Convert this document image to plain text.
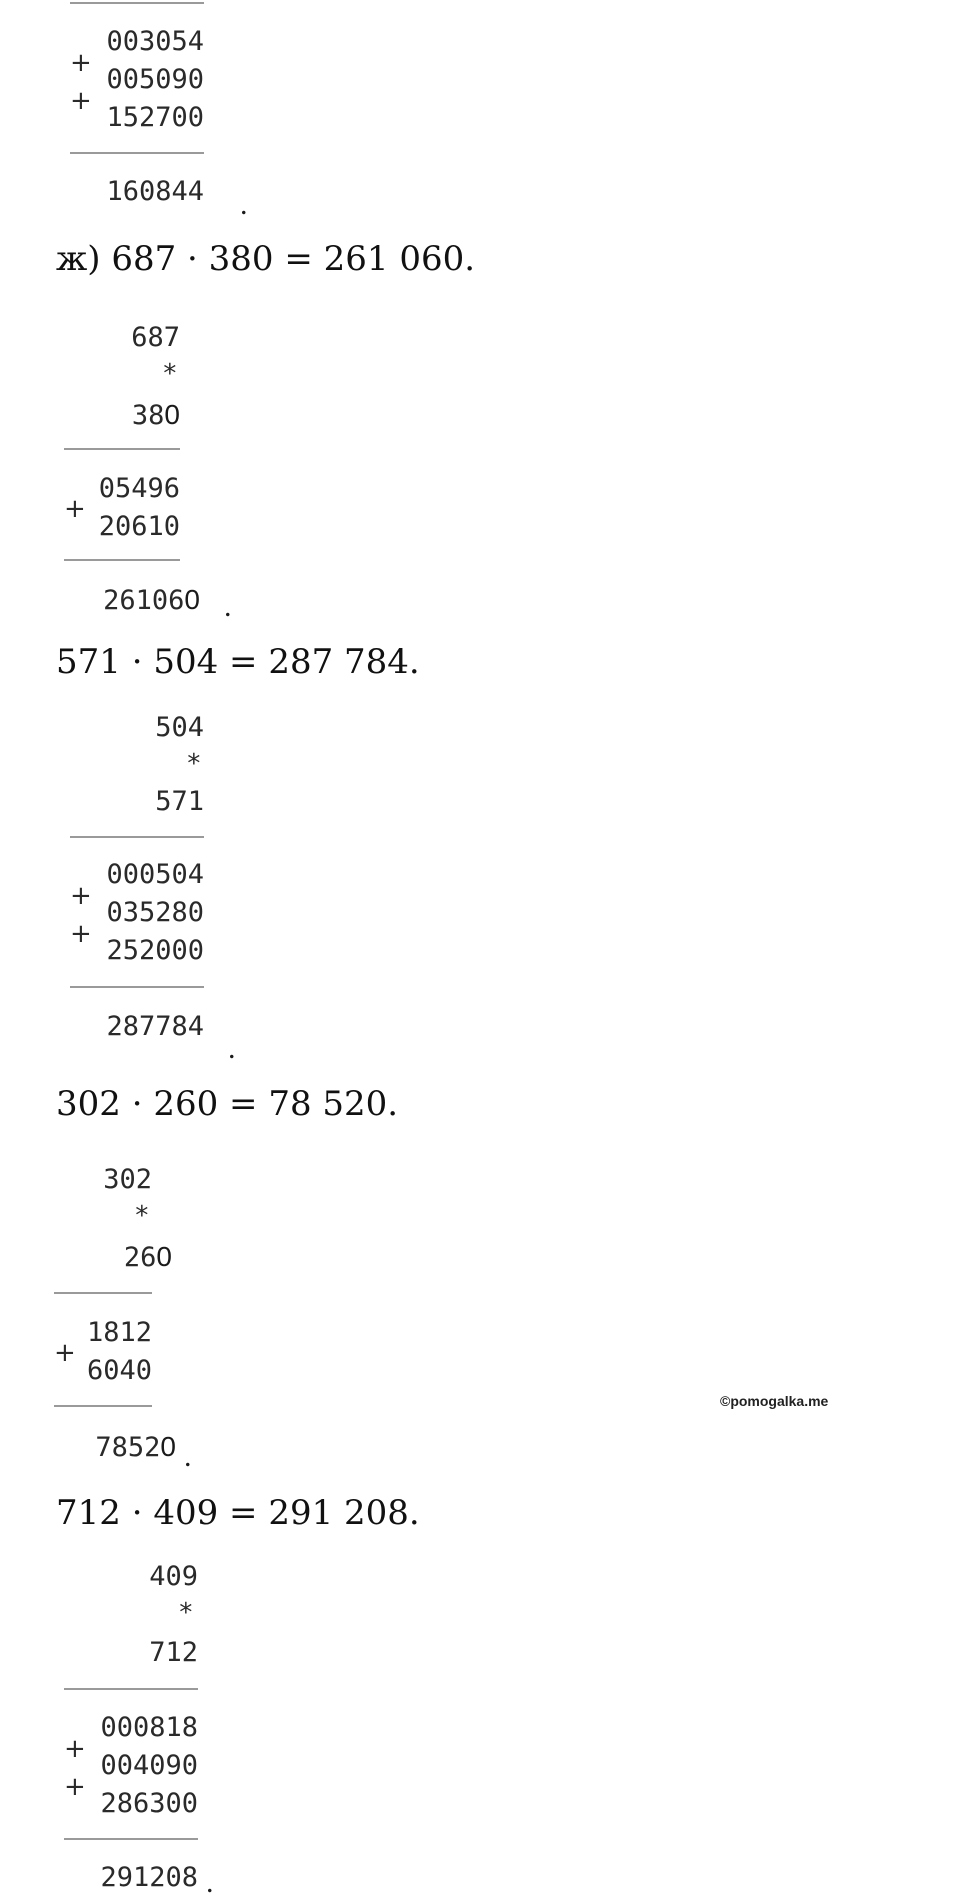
+
+
003054
005090
152700
160844 .
ж) 687 · 380 = 261 060.
687
*
380
+
05496
20610
261060 .
571 · 504 = 287 784.
504
*
571
+
+
000504
035280
252000
287784
.
302 · 260 = 78 520.
302
*
260
+
1812
6040
78520 .
©pomogalka.me
712 · 409 = 291 208.
409
*
712
+
+
000818
004090
286300
291208 .
